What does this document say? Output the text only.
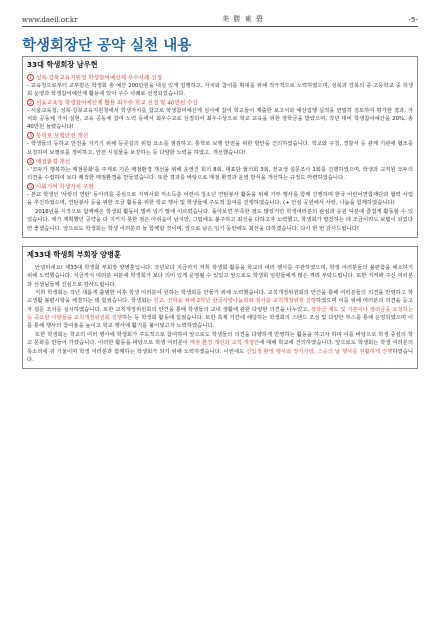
www.daeil.or.kr	美 勝 東 碧	-5-
학생회장단 공약 실천 내용
33대 학생회장 남우현
1 성북·강북교육지원청 학생참여예산제 우수사례 선정
- 교육청으로부터 교부받은 학생회 총 예산 200만원을 내실 있게 집행하고, 자치와 참여를 확대를 위해 적극적으로 노력하였으며, 성북과 강북의 중·고등학교 중 학생회 운영과 학생참여예산제 활용에 있어 우수 사례로 선정되었습니다.
2 서울교육청 학생참여예산제 활용 최우수 학교 선정 및 40만원 수상
- 서울교육청, 성북·강북교육지원청에서 학생자치를 참고로 학생참여예산제 심사에 참여 학교들이 제출한 보고서와 예산집행 실적을 면밀히 검토하여 평가한 결과, 자치와 공동체 가치 실현, 교육 공동체 참여 노력 등에서 최우수교로 선정되어 최우수상으로 학교 교육을 위한 장학금을 받았으며, 작년 대비 학생참여예산을 20%, 총 40만원 늘렸습니다!
3 통학로 보행안전 개선
- 학생들의 등하교 안전을 지키기 위해 등굣길의 위험 요소를 점검하고, 통학로 보행 안전을 위한 방안을 건의하였습니다. 학교와 구청, 경찰서 등 관계 기관에 협조를 요청하여 보행로를 정비하고, 안전 시설물을 보강하는 등 다양한 노력을 하였고, 개선했습니다!
4 매점환경 개선
- '모두가 행복하는 매점문화'를 주제로 기존 매점환경 개선을 위해 운영진 회의 8회, 대표단 협의회 3회, 전교생 설문조사 1회를 진행하였으며, 학생과 교직원 모두의 의견을 수렴하여 보다 쾌적한 매점환경을 만들었습니다. 또한 결과를 바탕으로 매점 환경과 운영 방식을 개선하는 규정도 마련하였습니다.
5 사회기여 학생자치 구현
- 본교 학생인 '사랑의 연탄' 동아리를 중심으로 지역사회 저소득층 어린이·청소년 연탄봉사 활동을 위해 기부 행사를 함께 진행하며 한국 어린이연합재단과 협력 사업을 추진하였으며, 연탄봉사 등을 위한 모금 활동을 위한 학교 행사 및 학생들에 주도적 참여를 진행하였습니다. (+ 안심 공원에서 사랑, 나눔을 함께하였습니다)
2016년을 시작으로 함께해온 학생회 활동이 벌써 임기 말에 이르렀습니다. 돌아보면 부족한 점도 많았지만 학생여러분의 관심과 응원 덕분에 즐겁게 활동할 수 있었습니다. 제가 계획했던 공약을 다 지키지 못한 점은 아쉬움이 남지만, 그럼에도 불구하고 최선을 다하고자 노력했고, 학생회가 발전하는 데 조금이라도 보탬이 되었다면 좋겠습니다. 앞으로도 학생회는 학생 여러분과 늘 함께할 것이며, 앞으로 남은 임기 동안에도 최선을 다하겠습니다. 다시 한 번 감사드립니다!
제33대 학생회 부회장 양병훈
안녕하세요! 제33대 학생회 부회장 양병훈입니다. 작년보다 지금까지 저희 학생회 활동을 학교의 여러 행사를 주관하였으며, 학생 여러분들의 불편함을 해소하기 위해 노력했습니다. 지금까지 여러분 덕분에 학생회가 보다 의미 있게 운영될 수 있었고 앞으로도 학생회 임원들에게 많은 격려 부탁드립니다. 또한 지켜봐 주신 여러분과 선생님들께 진심으로 감사드립니다.
저희 학생회는 작년 새롭게 출범한 이후 학생 여러분이 원하는 학생회를 만들기 위해 노력했습니다. 교칙개정위원회의 안건을 통해 여러분들의 의견을 반영하고 학교생활 불편사항을 해결하는 데 힘썼습니다. 학생회는 친교, 진학을 위해 2학년 한국사랑나눔회와 심사를 교칙개정위원 진행하였으며 이를 위해 여러분의 의견을 듣고자 설문 조사를 실시하였습니다. 또한 교칙개정위원회의 안건을 통해 학생들의 교내 생활에 관한 다양한 의견을 나누었고, 장학금 제도 및 기본이나 장려금을 요청하는 등 중요한 사항들을 교칙개정위원회 진행하는 등 학생회 활동에 힘썼습니다. 또한 축제 기간에 해당하는 학생회의 스탠드 조성 및 다양한 부스를 통해 운영하였으며 이를 통해 행사의 참여율을 높이고 학교 행사에 활기를 불어넣고자 노력하였습니다.
또한 학생회는 학교의 여러 행사에 학생회가 주도적으로 참여하여 앞으로도 학생들의 의견을 다양하게 반영하는 활동을 하고자 하며 이를 바탕으로 학생 중심의 학교 문화를 만들어 가겠습니다. 이러한 활동을 바탕으로 학생 여러분이 매점 환경 개선과 교칙 개정안에 대해 학교에 건의하였습니다. 앞으로도 학생회는 학생 여러분의 목소리에 귀 기울이며 학생 여러분과 함께하는 학생회가 되기 위해 노력하겠습니다. 이번에도 신입생 환영 행사와 장기자랑, 스승의 날 행사를 원활하게 진행하였습니다.
